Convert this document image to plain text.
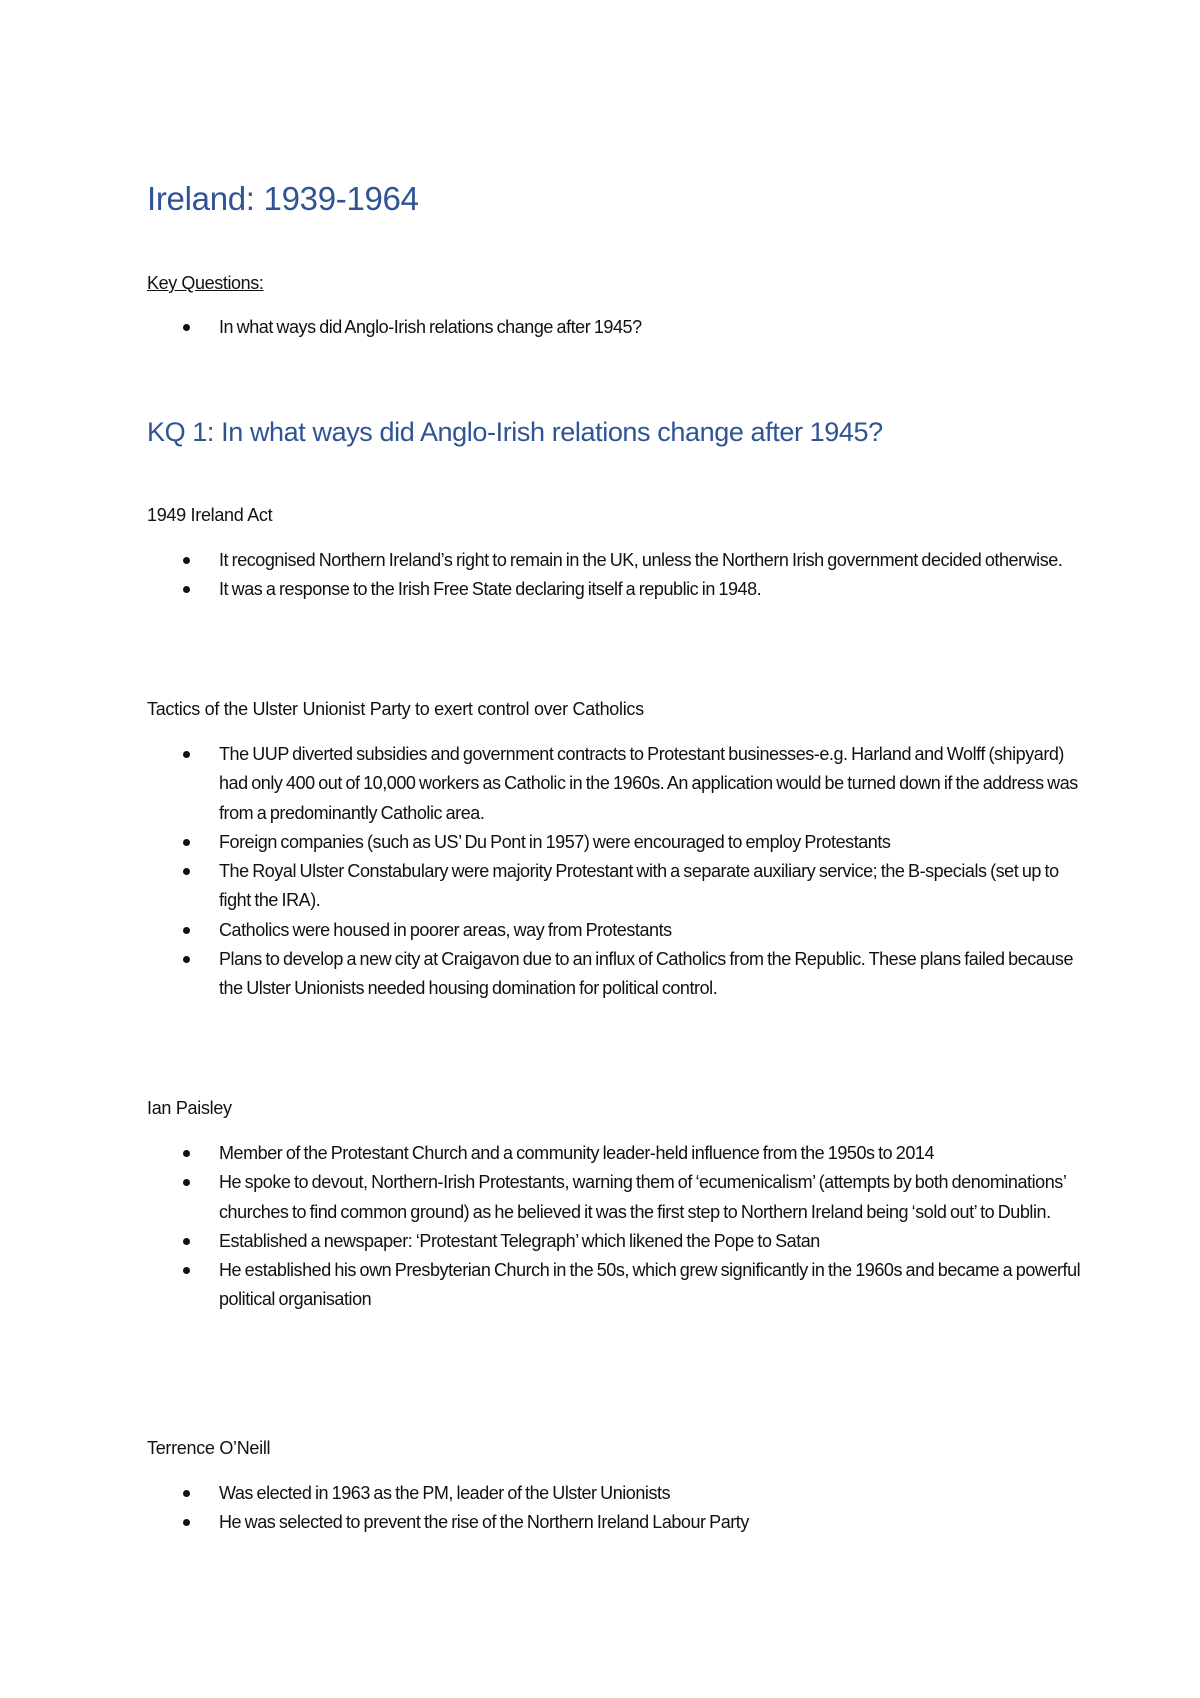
Ireland: 1939-1964
Key Questions:
In what ways did Anglo-Irish relations change after 1945?
KQ 1: In what ways did Anglo-Irish relations change after 1945?
1949 Ireland Act
It recognised Northern Ireland’s right to remain in the UK, unless the Northern Irish government decided otherwise.
It was a response to the Irish Free State declaring itself a republic in 1948.
Tactics of the Ulster Unionist Party to exert control over Catholics
The UUP diverted subsidies and government contracts to Protestant businesses-e.g. Harland and Wolff (shipyard) had only 400 out of 10,000 workers as Catholic in the 1960s. An application would be turned down if the address was from a predominantly Catholic area.
Foreign companies (such as US’ Du Pont in 1957) were encouraged to employ Protestants
The Royal Ulster Constabulary were majority Protestant with a separate auxiliary service; the B-specials (set up to fight the IRA).
Catholics were housed in poorer areas, way from Protestants
Plans to develop a new city at Craigavon due to an influx of Catholics from the Republic. These plans failed because the Ulster Unionists needed housing domination for political control.
Ian Paisley
Member of the Protestant Church and a community leader-held influence from the 1950s to 2014
He spoke to devout, Northern-Irish Protestants, warning them of ‘ecumenicalism’ (attempts by both denominations’ churches to find common ground) as he believed it was the first step to Northern Ireland being ‘sold out’ to Dublin.
Established a newspaper: ‘Protestant Telegraph’ which likened the Pope to Satan
He established his own Presbyterian Church in the 50s, which grew significantly in the 1960s and became a powerful political organisation
Terrence O’Neill
Was elected in 1963 as the PM, leader of the Ulster Unionists
He was selected to prevent the rise of the Northern Ireland Labour Party
